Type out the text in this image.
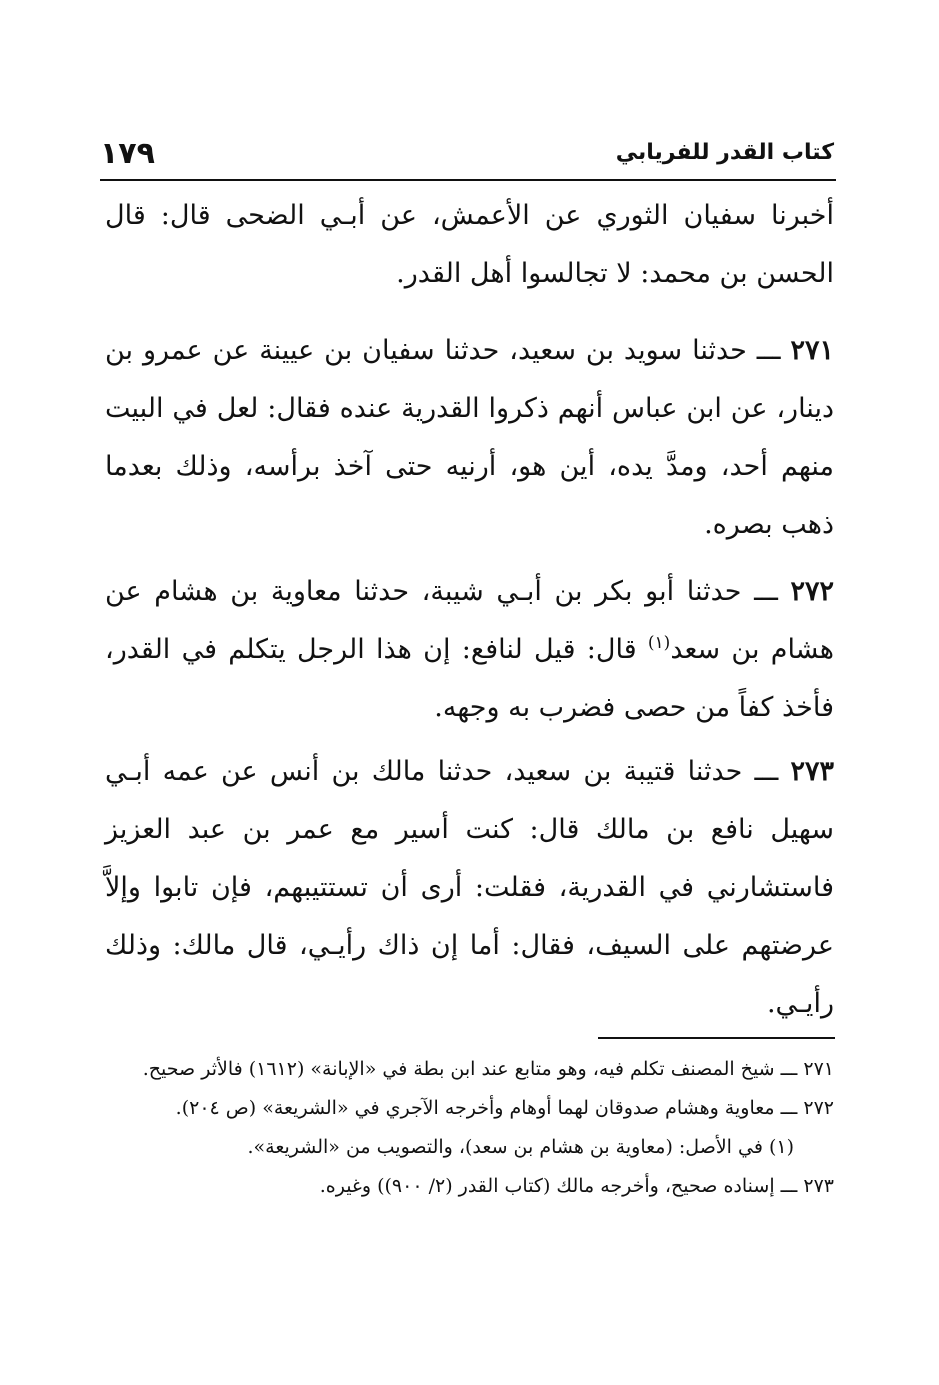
كتاب القدر للفريابي
١٧٩

أخبرنا سفيان الثوري عن الأعمش، عن أبـي الضحى قال: قال الحسن بن محمد: لا تجالسوا أهل القدر.

٢٧١ ـــ حدثنا سويد بن سعيد، حدثنا سفيان بن عيينة عن عمرو بن دينار، عن ابن عباس أنهم ذكروا القدرية عنده فقال: لعل في البيت منهم أحد، ومدَّ يده، أين هو، أرنيه حتى آخذ برأسه، وذلك بعدما ذهب بصره.

٢٧٢ ـــ حدثنا أبو بكر بن أبـي شيبة، حدثنا معاوية بن هشام عن هشام بن سعد$^{(١)}$ قال: قيل لنافع: إن هذا الرجل يتكلم في القدر، فأخذ كفاً من حصى فضرب به وجهه.

٢٧٣ ـــ حدثنا قتيبة بن سعيد، حدثنا مالك بن أنس عن عمه أبـي سهيل نافع بن مالك قال: كنت أسير مع عمر بن عبد العزيز فاستشارني في القدرية، فقلت: أرى أن تستتيبهم، فإن تابوا وإلاَّ عرضتهم على السيف، فقال: أما إن ذاك رأيـي، قال مالك: وذلك رأيـي.

٢٧١ ـــ شيخ المصنف تكلم فيه، وهو متابع عند ابن بطة في «الإبانة» (١٦١٢) فالأثر صحيح.

٢٧٢ ـــ معاوية وهشام صدوقان لهما أوهام وأخرجه الآجري في «الشريعة» (ص ٢٠٤).

(١) في الأصل: (معاوية بن هشام بن سعد)، والتصويب من «الشريعة».

٢٧٣ ـــ إسناده صحيح، وأخرجه مالك (كتاب القدر (٢/ ٩٠٠)) وغيره.
